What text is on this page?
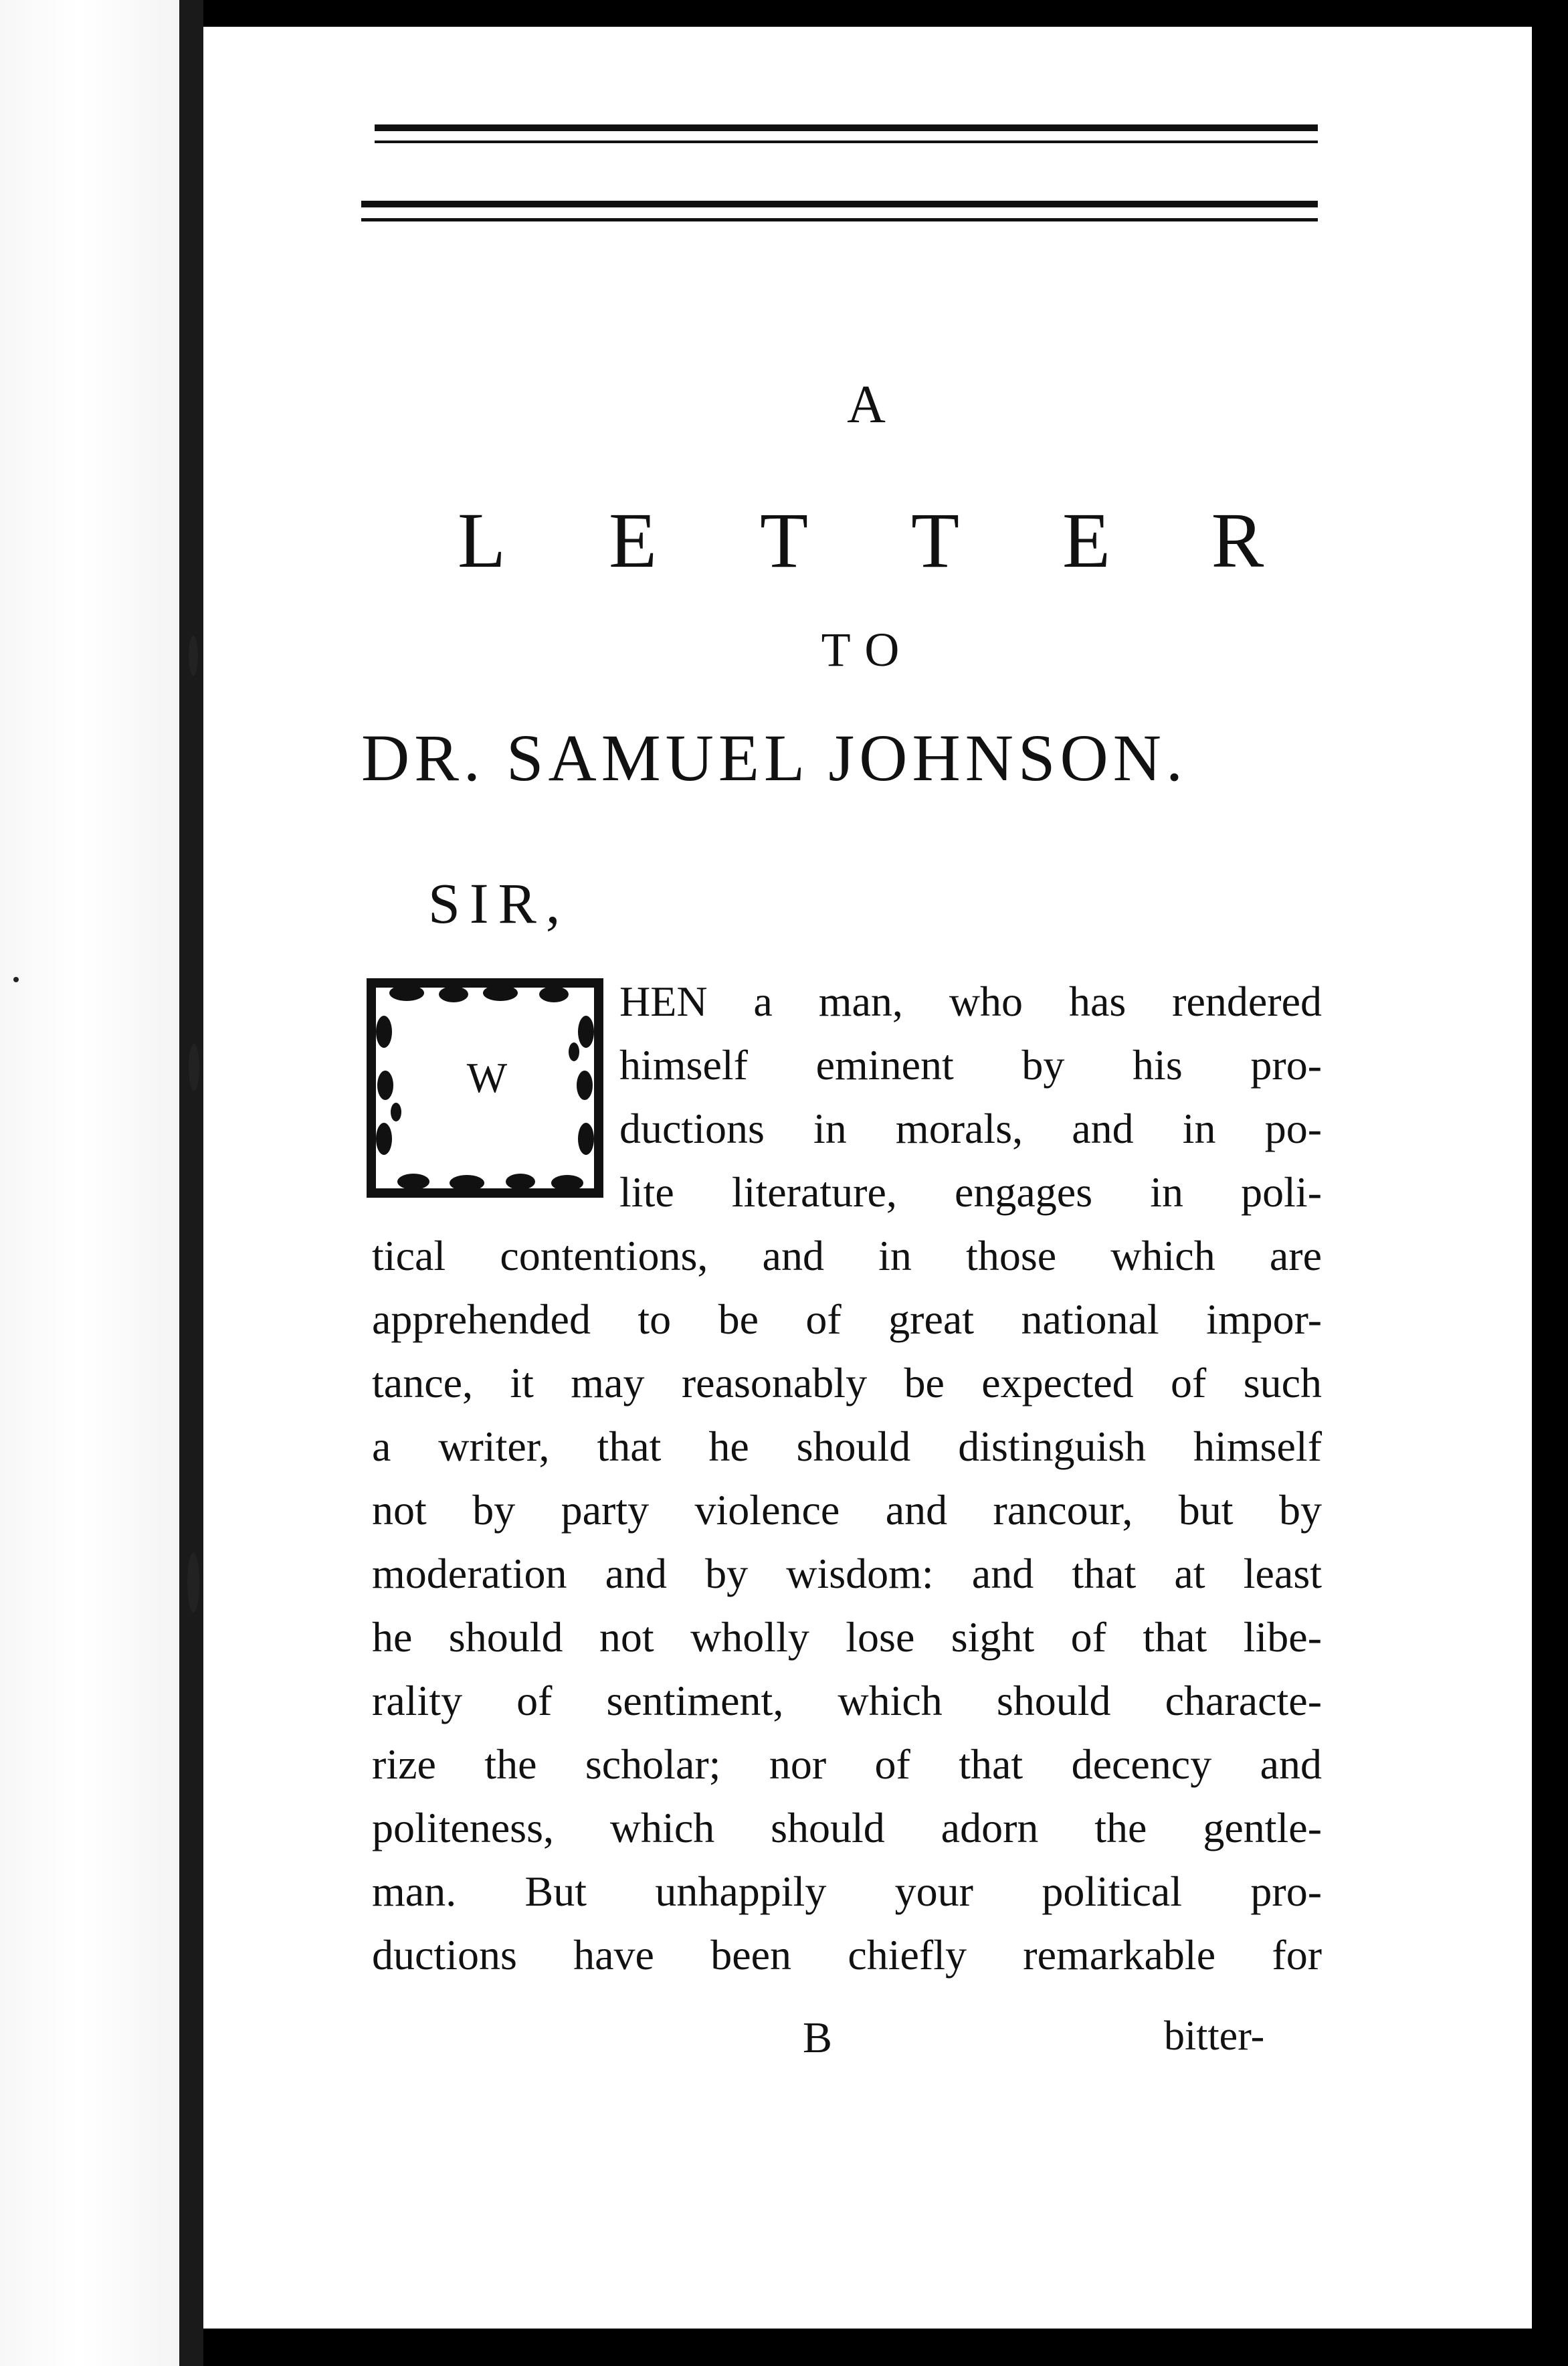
A
L E T T E R
TO
DR. SAMUEL JOHNSON.
SIR,
W
HEN a man, who has rendered
himself eminent by his pro-
ductions in morals, and in po-
lite literature, engages in poli-
tical contentions, and in those which are
apprehended to be of great national impor-
tance, it may reasonably be expected of such
a writer, that he should distinguish himself
not by party violence and rancour, but by
moderation and by wisdom: and that at least
he should not wholly lose sight of that libe-
rality of sentiment, which should characte-
rize the scholar; nor of that decency and
politeness, which should adorn the gentle-
man. But unhappily your political pro-
ductions have been chiefly remarkable for
B	bitter-
